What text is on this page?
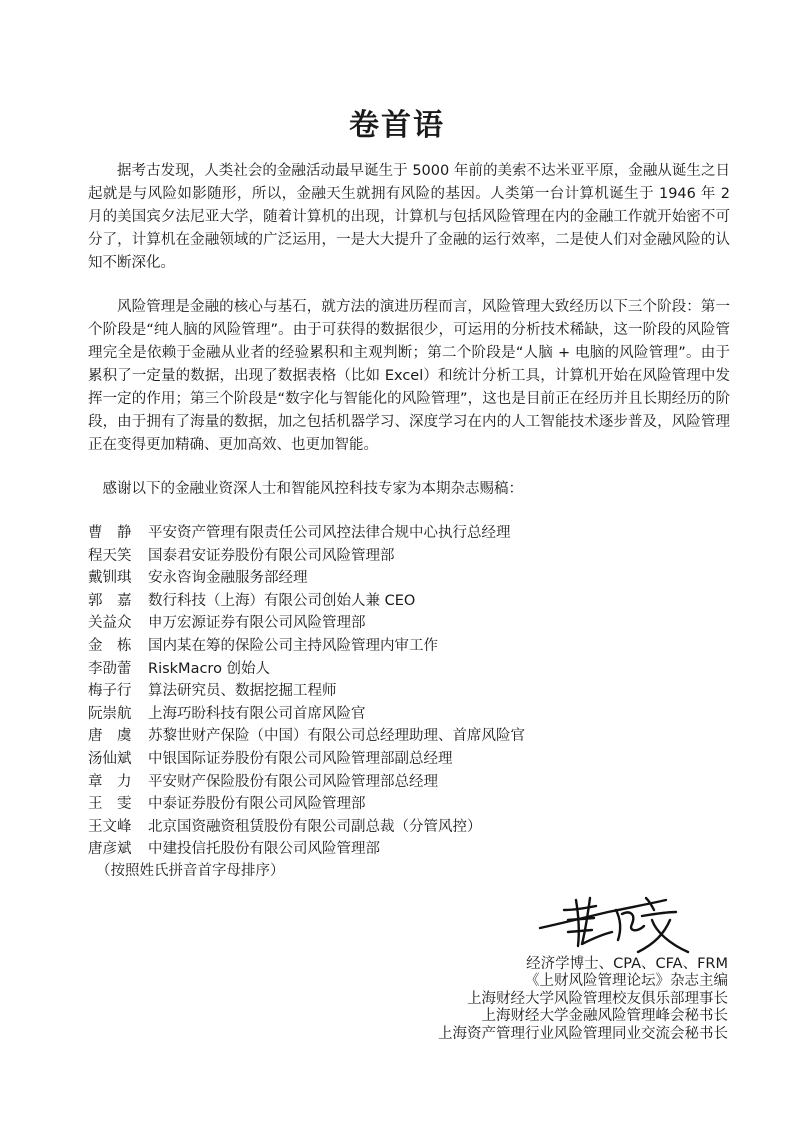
卷首语

据考古发现，人类社会的金融活动最早诞生于 5000 年前的美索不达米亚平原，金融从诞生之日起就是与风险如影随形，所以，金融天生就拥有风险的基因。人类第一台计算机诞生于 1946 年 2 月的美国宾夕法尼亚大学，随着计算机的出现，计算机与包括风险管理在内的金融工作就开始密不可分了，计算机在金融领域的广泛运用，一是大大提升了金融的运行效率，二是使人们对金融风险的认知不断深化。

风险管理是金融的核心与基石，就方法的演进历程而言，风险管理大致经历以下三个阶段：第一个阶段是“纯人脑的风险管理”。由于可获得的数据很少，可运用的分析技术稀缺，这一阶段的风险管理完全是依赖于金融从业者的经验累积和主观判断；第二个阶段是“人脑 + 电脑的风险管理”。由于累积了一定量的数据，出现了数据表格（比如 Excel）和统计分析工具，计算机开始在风险管理中发挥一定的作用；第三个阶段是“数字化与智能化的风险管理”，这也是目前正在经历并且长期经历的阶段，由于拥有了海量的数据，加之包括机器学习、深度学习在内的人工智能技术逐步普及，风险管理正在变得更加精确、更加高效、也更加智能。

感谢以下的金融业资深人士和智能风控科技专家为本期杂志赐稿：

曹　静 平安资产管理有限责任公司风控法律合规中心执行总经理
程天笑 国泰君安证券股份有限公司风险管理部
戴钏琪 安永咨询金融服务部经理
郭　嘉 数行科技（上海）有限公司创始人兼 CEO
关益众 申万宏源证券有限公司风险管理部
金　栋 国内某在筹的保险公司主持风险管理内审工作
李劭蕾 RiskMacro 创始人
梅子行 算法研究员、数据挖掘工程师
阮崇航 上海巧盼科技有限公司首席风险官
唐　虞 苏黎世财产保险（中国）有限公司总经理助理、首席风险官
汤仙斌 中银国际证券股份有限公司风险管理部副总经理
章　力 平安财产保险股份有限公司风险管理部总经理
王　雯 中泰证券股份有限公司风险管理部
王文峰 北京国资融资租赁股份有限公司副总裁（分管风控）
唐彦斌 中建投信托股份有限公司风险管理部

（按照姓氏拼音首字母排序）

经济学博士、CPA、CFA、FRM
《上财风险管理论坛》杂志主编
上海财经大学风险管理校友俱乐部理事长
上海财经大学金融风险管理峰会秘书长
上海资产管理行业风险管理同业交流会秘书长
